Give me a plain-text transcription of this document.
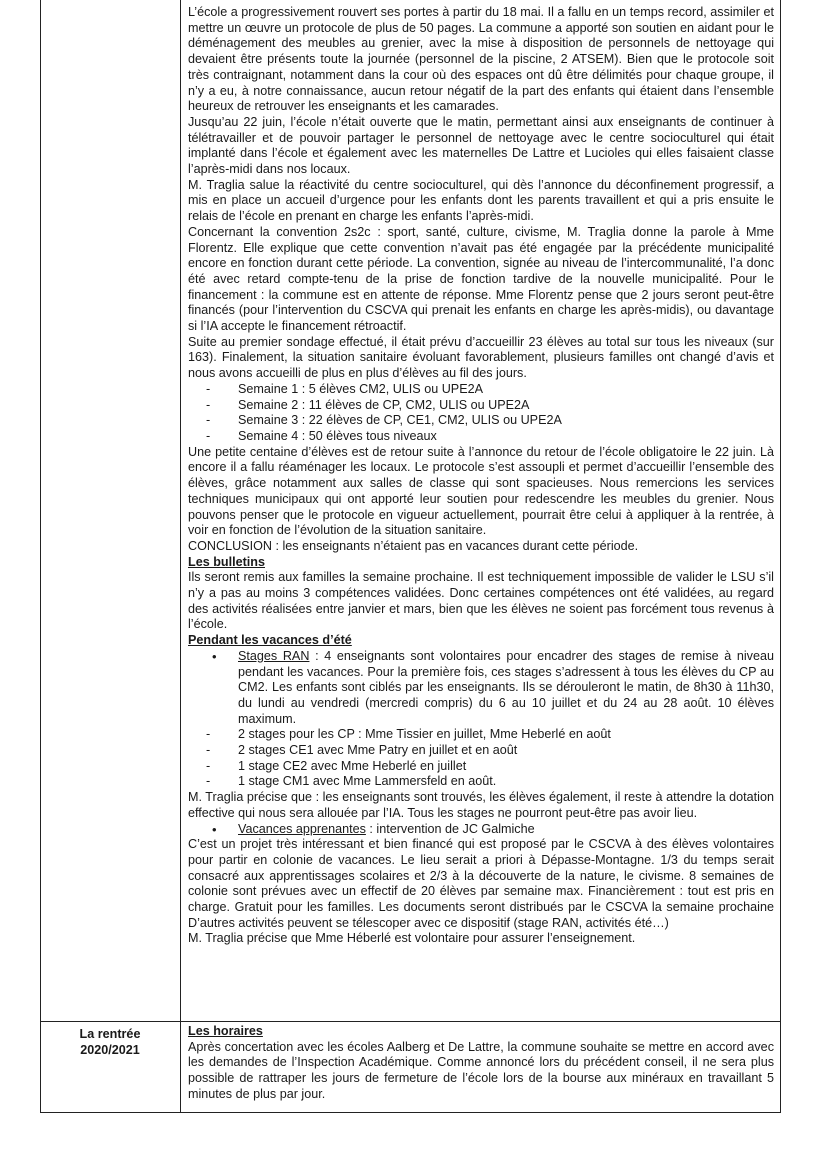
L’école a progressivement rouvert ses portes à partir du 18 mai. Il a fallu en un temps record, assimiler et mettre un œuvre un protocole de plus de 50 pages. La commune a apporté son soutien en aidant pour le déménagement des meubles au grenier, avec la mise à disposition de personnels de nettoyage qui devaient être présents toute la journée (personnel de la piscine, 2 ATSEM). Bien que le protocole soit très contraignant, notamment dans la cour où des espaces ont dû être délimités pour chaque groupe, il n’y a eu, à notre connaissance, aucun retour négatif de la part des enfants qui étaient dans l’ensemble heureux de retrouver les enseignants et les camarades.

Jusqu’au 22 juin, l’école n’était ouverte que le matin, permettant ainsi aux enseignants de continuer à télétravailler et de pouvoir partager le personnel de nettoyage avec le centre socioculturel qui était implanté dans l’école et également avec les maternelles De Lattre et Lucioles qui elles faisaient classe l’après-midi dans nos locaux.

M. Traglia salue la réactivité du centre socioculturel, qui dès l’annonce du déconfinement progressif, a mis en place un accueil d’urgence pour les enfants dont les parents travaillent et qui a pris ensuite le relais de l’école en prenant en charge les enfants l’après-midi.

Concernant la convention 2s2c : sport, santé, culture, civisme, M. Traglia donne la parole à Mme Florentz. Elle explique que cette convention n’avait pas été engagée par la précédente municipalité encore en fonction durant cette période. La convention, signée au niveau de l’intercommunalité, l’a donc été avec retard compte-tenu de la prise de fonction tardive de la nouvelle municipalité. Pour le financement : la commune est en attente de réponse. Mme Florentz pense que 2 jours seront peut-être financés (pour l’intervention du CSCVA qui prenait les enfants en charge les après-midis), ou davantage si l’IA accepte le financement rétroactif.

Suite au premier sondage effectué, il était prévu d’accueillir 23 élèves au total sur tous les niveaux (sur 163). Finalement, la situation sanitaire évoluant favorablement, plusieurs familles ont changé d’avis et nous avons accueilli de plus en plus d’élèves au fil des jours.

- Semaine 1 : 5 élèves CM2, ULIS ou UPE2A
- Semaine 2 : 11 élèves de CP, CM2, ULIS ou UPE2A
- Semaine 3 : 22 élèves de CP, CE1, CM2, ULIS ou UPE2A
- Semaine 4 : 50 élèves tous niveaux

Une petite centaine d’élèves est de retour suite à l’annonce du retour de l’école obligatoire le 22 juin. Là encore il a fallu réaménager les locaux. Le protocole s’est assoupli et permet d’accueillir l’ensemble des élèves, grâce notamment aux salles de classe qui sont spacieuses. Nous remercions les services techniques municipaux qui ont apporté leur soutien pour redescendre les meubles du grenier. Nous pouvons penser que le protocole en vigueur actuellement, pourrait être celui à appliquer à la rentrée, à voir en fonction de l’évolution de la situation sanitaire.

CONCLUSION : les enseignants n’étaient pas en vacances durant cette période.

Les bulletins

Ils seront remis aux familles la semaine prochaine. Il est techniquement impossible de valider le LSU s’il n’y a pas au moins 3 compétences validées. Donc certaines compétences ont été validées, au regard des activités réalisées entre janvier et mars, bien que les élèves ne soient pas forcément tous revenus à l’école.

Pendant les vacances d’été

• Stages RAN : 4 enseignants sont volontaires pour encadrer des stages de remise à niveau pendant les vacances. Pour la première fois, ces stages s’adressent à tous les élèves du CP au CM2. Les enfants sont ciblés par les enseignants. Ils se dérouleront le matin, de 8h30 à 11h30, du lundi au vendredi (mercredi compris) du 6 au 10 juillet et du 24 au 28 août. 10 élèves maximum.
- 2 stages pour les CP : Mme Tissier en juillet, Mme Heberlé en août
- 2 stages CE1 avec Mme Patry en juillet et en août
- 1 stage CE2 avec Mme Heberlé en juillet
- 1 stage CM1 avec Mme Lammersfeld en août.

M. Traglia précise que : les enseignants sont trouvés, les élèves également, il reste à attendre la dotation effective qui nous sera allouée par l’IA. Tous les stages ne pourront peut-être pas avoir lieu.

• Vacances apprenantes : intervention de JC Galmiche

C’est un projet très intéressant et bien financé qui est proposé par le CSCVA à des élèves volontaires pour partir en colonie de vacances. Le lieu serait a priori à Dépasse-Montagne. 1/3 du temps serait consacré aux apprentissages scolaires et 2/3 à la découverte de la nature, le civisme. 8 semaines de colonie sont prévues avec un effectif de 20 élèves par semaine max. Financièrement : tout est pris en charge. Gratuit pour les familles. Les documents seront distribués par le CSCVA la semaine prochaine D’autres activités peuvent se télescoper avec ce dispositif (stage RAN, activités été…)

M. Traglia précise que Mme Héberlé est volontaire pour assurer l’enseignement.

La rentrée
2020/2021

Les horaires

Après concertation avec les écoles Aalberg et De Lattre, la commune souhaite se mettre en accord avec les demandes de l’Inspection Académique. Comme annoncé lors du précédent conseil, il ne sera plus possible de rattraper les jours de fermeture de l’école lors de la bourse aux minéraux en travaillant 5 minutes de plus par jour.
